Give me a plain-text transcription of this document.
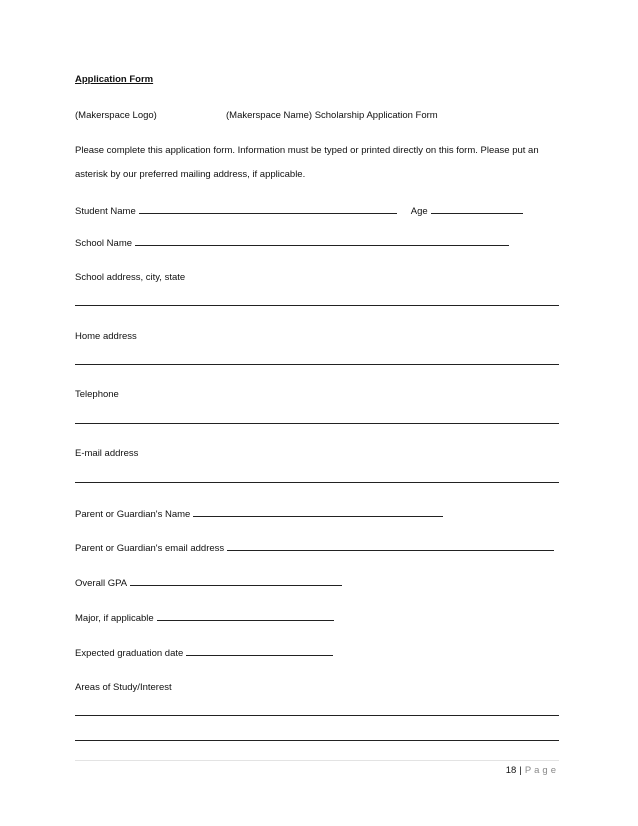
Application Form
(Makerspace Logo)	(Makerspace Name) Scholarship Application Form
Please complete this application form. Information must be typed or printed directly on this form. Please put an
asterisk by our preferred mailing address, if applicable.
Student Name	Age
School Name
School address, city, state
Home address
Telephone
E-mail address
Parent or Guardian's Name
Parent or Guardian's email address
Overall GPA
Major, if applicable
Expected graduation date
Areas of Study/Interest
18 | Page
